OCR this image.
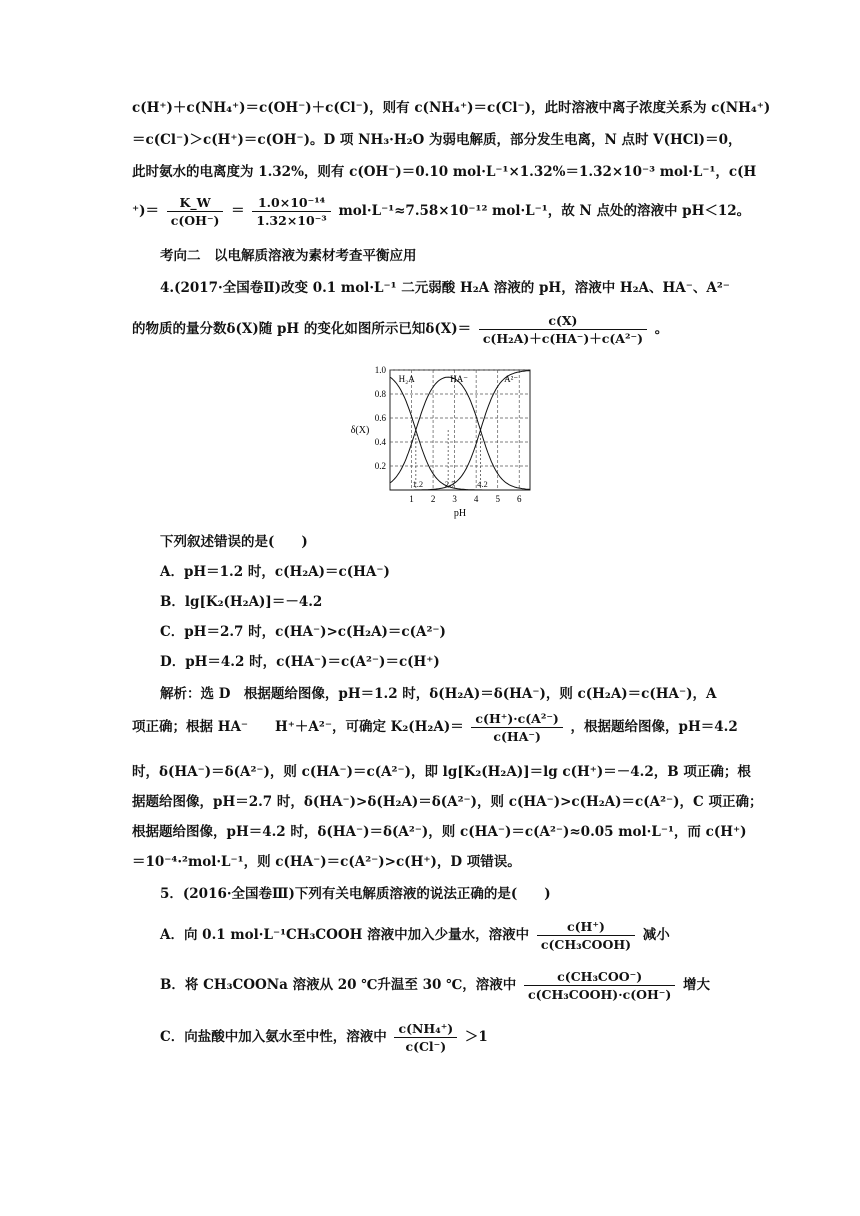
c(H⁺)＋c(NH₄⁺)＝c(OH⁻)＋c(Cl⁻)，则有 c(NH₄⁺)＝c(Cl⁻)，此时溶液中离子浓度关系为 c(NH₄⁺)
＝c(Cl⁻)＞c(H⁺)＝c(OH⁻)。D 项 NH₃·H₂O 为弱电解质，部分发生电离，N 点时 V(HCl)＝0，
此时氨水的电离度为 1.32%，则有 c(OH⁻)＝0.10 mol·L⁻¹×1.32%＝1.32×10⁻³ mol·L⁻¹，c(H
⁺)＝ $\frac{K\_W}{c(OH^-)} = \frac{\text{1.0×10⁻¹⁴}}{\text{1.32×10⁻³}} mol\cdot L^{-1}\approx 7.58\times 10^{-12}$ mol·L⁻¹，故 N 点处的溶液中 pH＜12。
考向二　以电解质溶液为素材考查平衡应用
4.(2017·全国卷Ⅱ)改变 0.1 mol·L⁻¹ 二元弱酸 H₂A 溶液的 pH，溶液中 H₂A、HA⁻、A²⁻
的物质的量分数δ(X)随 pH 的变化如图所示已知$\delta(X)= \frac{c(X)}{\text{c(H₂A)＋c(HA⁻)＋c(A²⁻)}}$ 。
0.2
0.4
0.6
0.8
1.0
1 2 3 4 5 6
1.2	2.7	4.2
H₂A	HA⁻	A²⁻
δ(X)
pH
下列叙述错误的是(　　)
A．pH＝1.2 时，c(H₂A)＝c(HA⁻)
B．lg[K₂(H₂A)]＝－4.2
C．pH＝2.7 时，c(HA⁻)>c(H₂A)＝c(A²⁻)
D．pH＝4.2 时，c(HA⁻)＝c(A²⁻)＝c(H⁺)
解析：选 D　根据题给图像，pH＝1.2 时，δ(H₂A)＝δ(HA⁻)，则 c(H₂A)＝c(HA⁻)，A
项正确；根据 HA⁻　　H⁺＋A²⁻，可确定 $K_2(H_2A)= \frac{\text{c(H⁺)·c(A²⁻)}}{c(HA^-)}$ ，根据题给图像，pH＝4.2
时，δ(HA⁻)＝δ(A²⁻)，则 c(HA⁻)＝c(A²⁻)，即 lg[K₂(H₂A)]＝lg c(H⁺)＝－4.2，B 项正确；根
据题给图像，pH＝2.7 时，δ(HA⁻)>δ(H₂A)＝δ(A²⁻)，则 c(HA⁻)>c(H₂A)＝c(A²⁻)，C 项正确；
根据题给图像，pH＝4.2 时，δ(HA⁻)＝δ(A²⁻)，则 c(HA⁻)＝c(A²⁻)≈0.05 mol·L⁻¹，而 c(H⁺)
＝10⁻⁴·²mol·L⁻¹，则 c(HA⁻)＝c(A²⁻)>c(H⁺)，D 项错误。
5．(2016·全国卷Ⅲ)下列有关电解质溶液的说法正确的是(　　)
A．向 0.1 mol·L⁻¹CH₃COOH 溶液中加入少量水，溶液中 $\frac{c(H^+)}{\text{c(CH₃COOH)}}$ 减小
B．将 CH₃COONa 溶液从 20 ℃升温至 30 ℃，溶液中 $\frac{\text{c(CH₃COO⁻)}}{\text{c(CH₃COOH)·c(OH⁻)}}$ 增大
C．向盐酸中加入氨水至中性，溶液中 $\frac{\text{c(NH₄⁺)}}{c(Cl^-)} >1$
